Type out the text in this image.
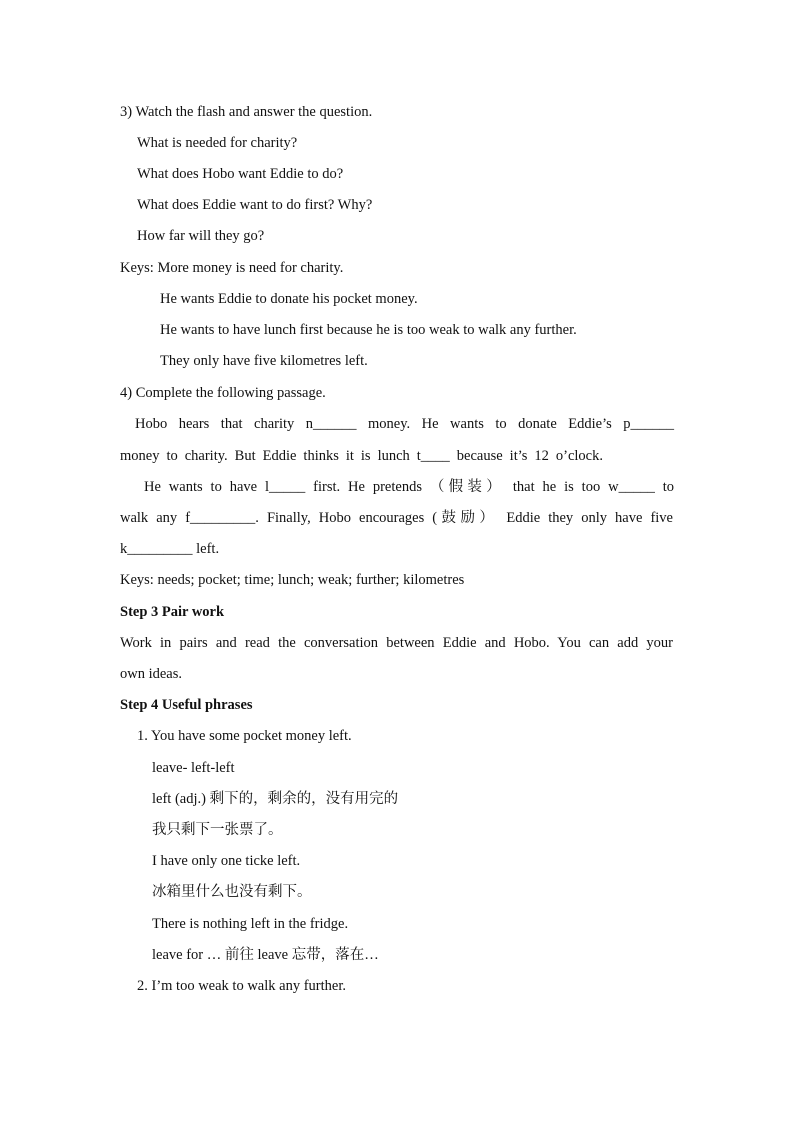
3) Watch the flash and answer the question.
What is needed for charity?
What does Hobo want Eddie to do?
What does Eddie want to do first? Why?
How far will they go?
Keys: More money is need for charity.
He wants Eddie to donate his pocket money.
He wants to have lunch first because he is too weak to walk any further.
They only have five kilometres left.
4) Complete the following passage.
Hobo hears that charity n______ money. He wants to donate Eddie’s p______
money to charity. But Eddie thinks it is lunch t____ because it’s 12 o’clock.
He wants to have l_____ first. He pretends （假装） that he is too w_____ to
walk any f_________. Finally, Hobo encourages (鼓励） Eddie they only have five
k_________ left.
Keys: needs; pocket; time; lunch; weak; further; kilometres
Step 3 Pair work
Work in pairs and read the conversation between Eddie and Hobo. You can add your
own ideas.
Step 4 Useful phrases
1. You have some pocket money left.
leave- left-left
left (adj.) 剩下的，剩余的，没有用完的
我只剩下一张票了。
I have only one ticke left.
冰箱里什么也没有剩下。
There is nothing left in the fridge.
leave for … 前往 leave 忘带，落在…
2. I’m too weak to walk any further.
